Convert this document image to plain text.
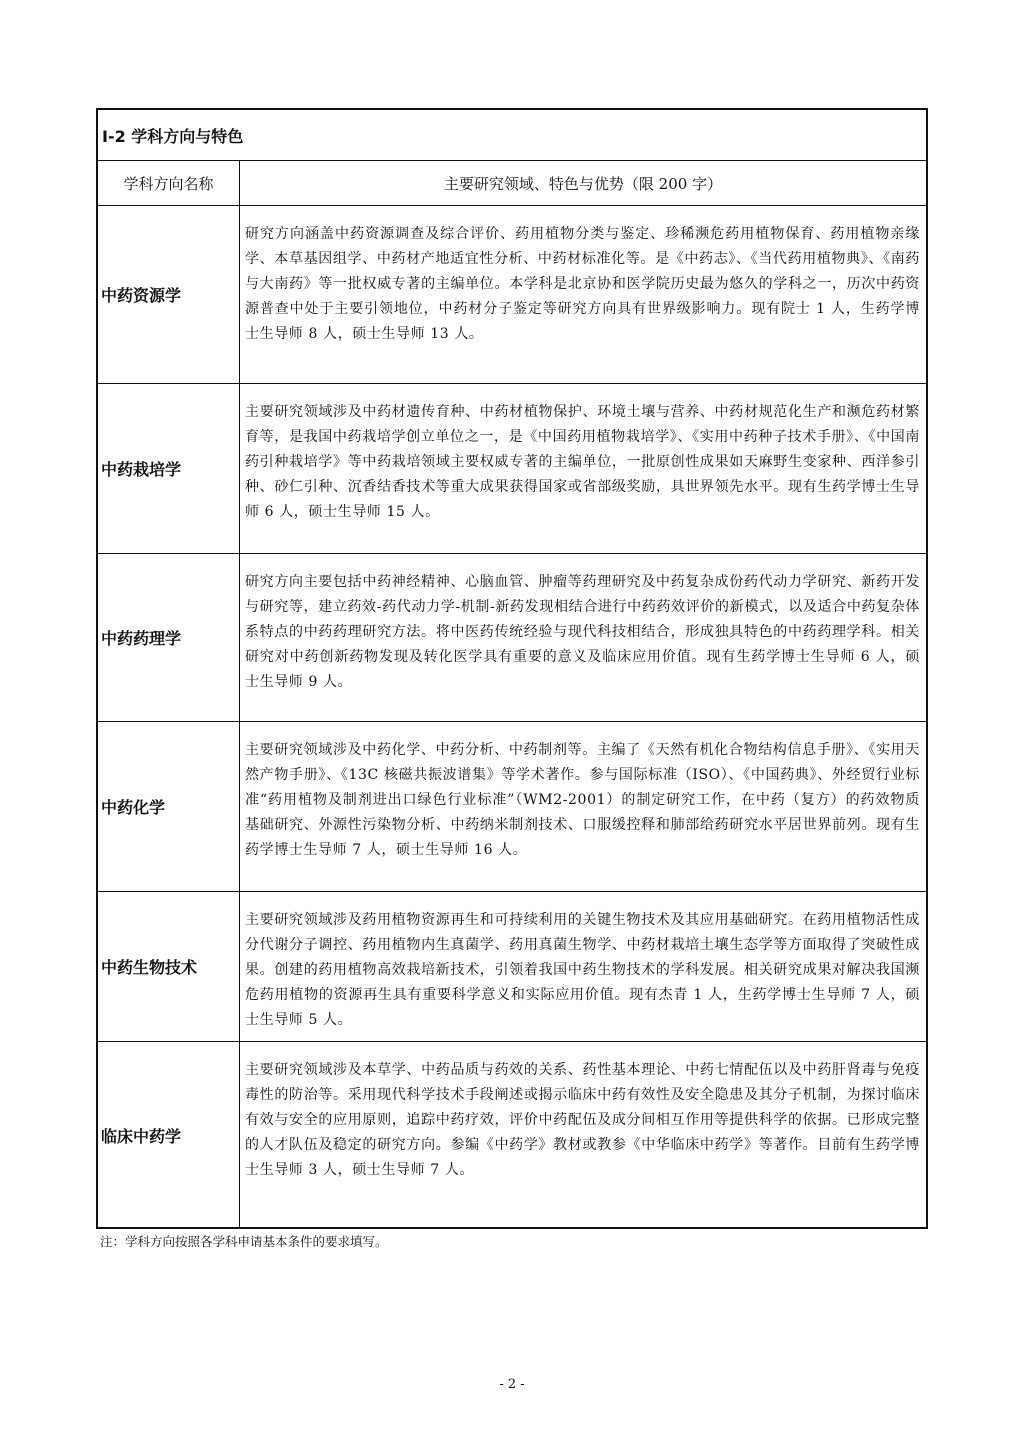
I-2 学科方向与特色
学科方向名称	主要研究领域、特色与优势（限 200 字）
中药资源学
研究方向涵盖中药资源调查及综合评价、药用植物分类与鉴定、珍稀濒危药用植物保育、药用植物亲缘学、本草基因组学、中药材产地适宜性分析、中药材标准化等。是《中药志》、《当代药用植物典》、《南药与大南药》等一批权威专著的主编单位。本学科是北京协和医学院历史最为悠久的学科之一，历次中药资源普查中处于主要引领地位，中药材分子鉴定等研究方向具有世界级影响力。现有院士 1 人，生药学博士生导师 8 人，硕士生导师 13 人。
中药栽培学
主要研究领域涉及中药材遗传育种、中药材植物保护、环境土壤与营养、中药材规范化生产和濒危药材繁育等，是我国中药栽培学创立单位之一，是《中国药用植物栽培学》、《实用中药种子技术手册》、《中国南药引种栽培学》等中药栽培领域主要权威专著的主编单位，一批原创性成果如天麻野生变家种、西洋参引种、砂仁引种、沉香结香技术等重大成果获得国家或省部级奖励，具世界领先水平。现有生药学博士生导师 6 人，硕士生导师 15 人。
中药药理学
研究方向主要包括中药神经精神、心脑血管、肿瘤等药理研究及中药复杂成份药代动力学研究、新药开发与研究等，建立药效-药代动力学-机制-新药发现相结合进行中药药效评价的新模式，以及适合中药复杂体系特点的中药药理研究方法。将中医药传统经验与现代科技相结合，形成独具特色的中药药理学科。相关研究对中药创新药物发现及转化医学具有重要的意义及临床应用价值。现有生药学博士生导师 6 人，硕士生导师 9 人。
中药化学
主要研究领域涉及中药化学、中药分析、中药制剂等。主编了《天然有机化合物结构信息手册》、《实用天然产物手册》、《13C 核磁共振波谱集》等学术著作。参与国际标准（ISO）、《中国药典》、外经贸行业标准“药用植物及制剂进出口绿色行业标准”（WM2-2001）的制定研究工作，在中药（复方）的药效物质基础研究、外源性污染物分析、中药纳米制剂技术、口服缓控释和肺部给药研究水平居世界前列。现有生药学博士生导师 7 人，硕士生导师 16 人。
中药生物技术
主要研究领域涉及药用植物资源再生和可持续利用的关键生物技术及其应用基础研究。在药用植物活性成分代谢分子调控、药用植物内生真菌学、药用真菌生物学、中药材栽培土壤生态学等方面取得了突破性成果。创建的药用植物高效栽培新技术，引领着我国中药生物技术的学科发展。相关研究成果对解决我国濒危药用植物的资源再生具有重要科学意义和实际应用价值。现有杰青 1 人，生药学博士生导师 7 人，硕士生导师 5 人。
临床中药学
主要研究领域涉及本草学、中药品质与药效的关系、药性基本理论、中药七情配伍以及中药肝肾毒与免疫毒性的防治等。采用现代科学技术手段阐述或揭示临床中药有效性及安全隐患及其分子机制，为探讨临床有效与安全的应用原则，追踪中药疗效，评价中药配伍及成分间相互作用等提供科学的依据。已形成完整的人才队伍及稳定的研究方向。参编《中药学》教材或教参《中华临床中药学》等著作。目前有生药学博士生导师 3 人，硕士生导师 7 人。
注：学科方向按照各学科申请基本条件的要求填写。
- 2 -
